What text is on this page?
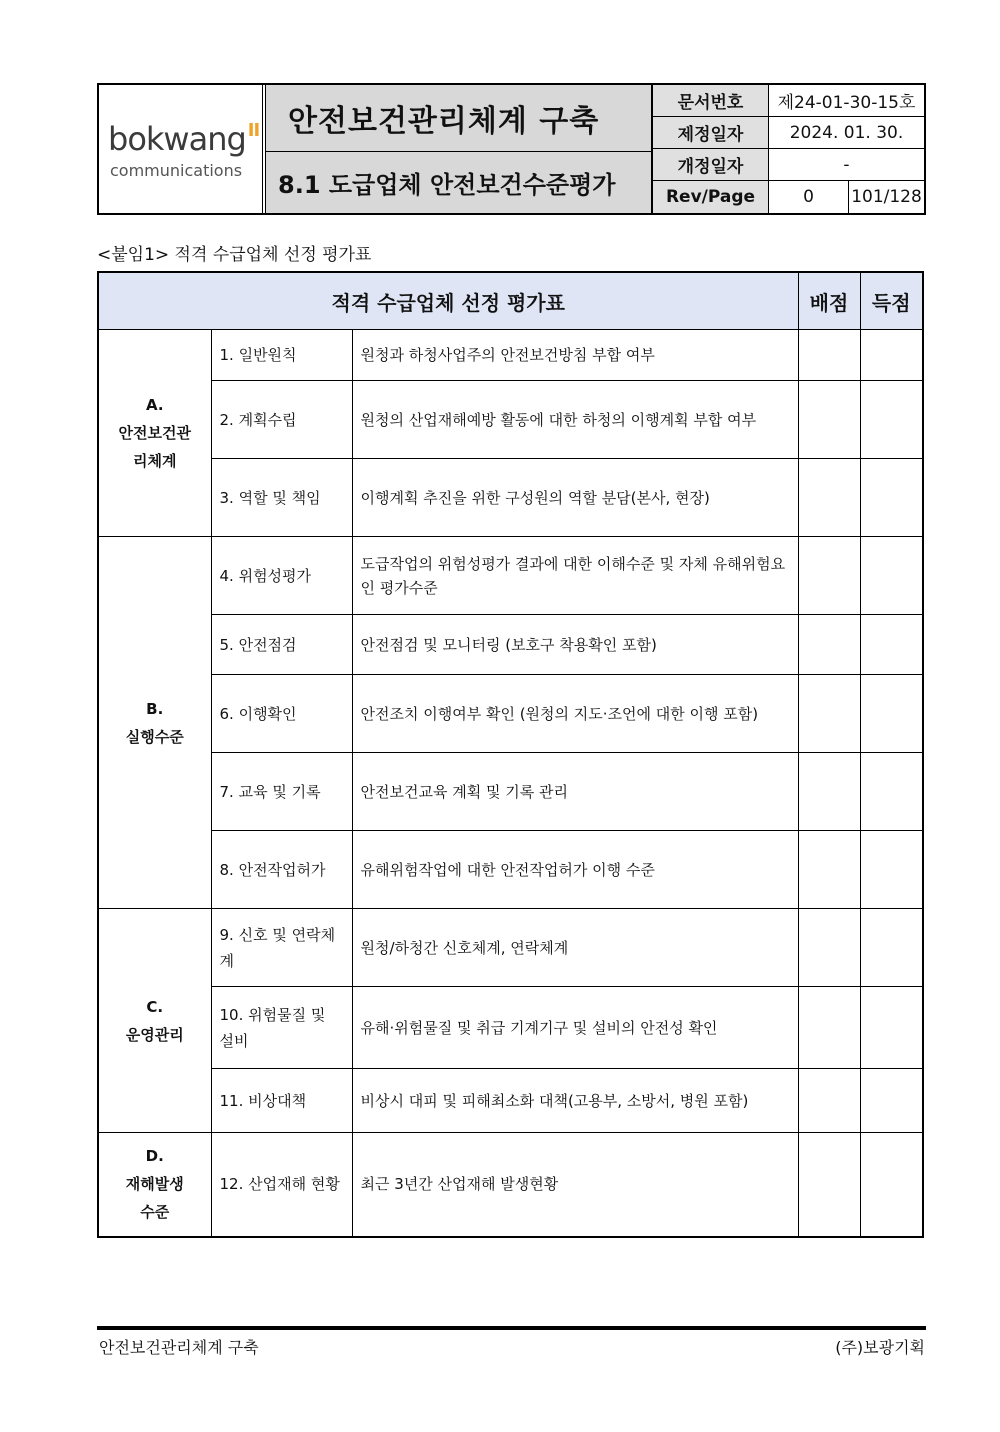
bokwang $^{II}$
communications
안전보건관리체계 구축
8.1 도급업체 안전보건수준평가
문서번호	제24-01-30-15호
제정일자	2024. 01. 30.
개정일자	-
Rev/Page	0	101/128
<붙임1> 적격 수급업체 선정 평가표
적격 수급업체 선정 평가표			배점	득점

A.
안전보건관
리체계	1. 일반원칙	원청과 하청사업주의 안전보건방침 부합 여부		
	2. 계획수립	원청의 산업재해예방 활동에 대한 하청의 이행계획 부합 여부		
	3. 역할 및 책임	이행계획 추진을 위한 구성원의 역할 분담(본사, 현장)		

B.
실행수준	4. 위험성평가	도급작업의 위험성평가 결과에 대한 이해수준 및 자체 유해위험요인 평가수준		
	5. 안전점검	안전점검 및 모니터링 (보호구 착용확인 포함)		
	6. 이행확인	안전조치 이행여부 확인 (원청의 지도·조언에 대한 이행 포함)		
	7. 교육 및 기록	안전보건교육 계획 및 기록 관리		
	8. 안전작업허가	유해위험작업에 대한 안전작업허가 이행 수준		

C.
운영관리	9. 신호 및 연락체계	원청/하청간 신호체계, 연락체계		
	10. 위험물질 및 설비	유해·위험물질 및 취급 기계기구 및 설비의 안전성 확인		
	11. 비상대책	비상시 대피 및 피해최소화 대책(고용부, 소방서, 병원 포함)		

D.
재해발생
수준	12. 산업재해 현황	최근 3년간 산업재해 발생현황		
안전보건관리체계 구축	(주)보광기획
